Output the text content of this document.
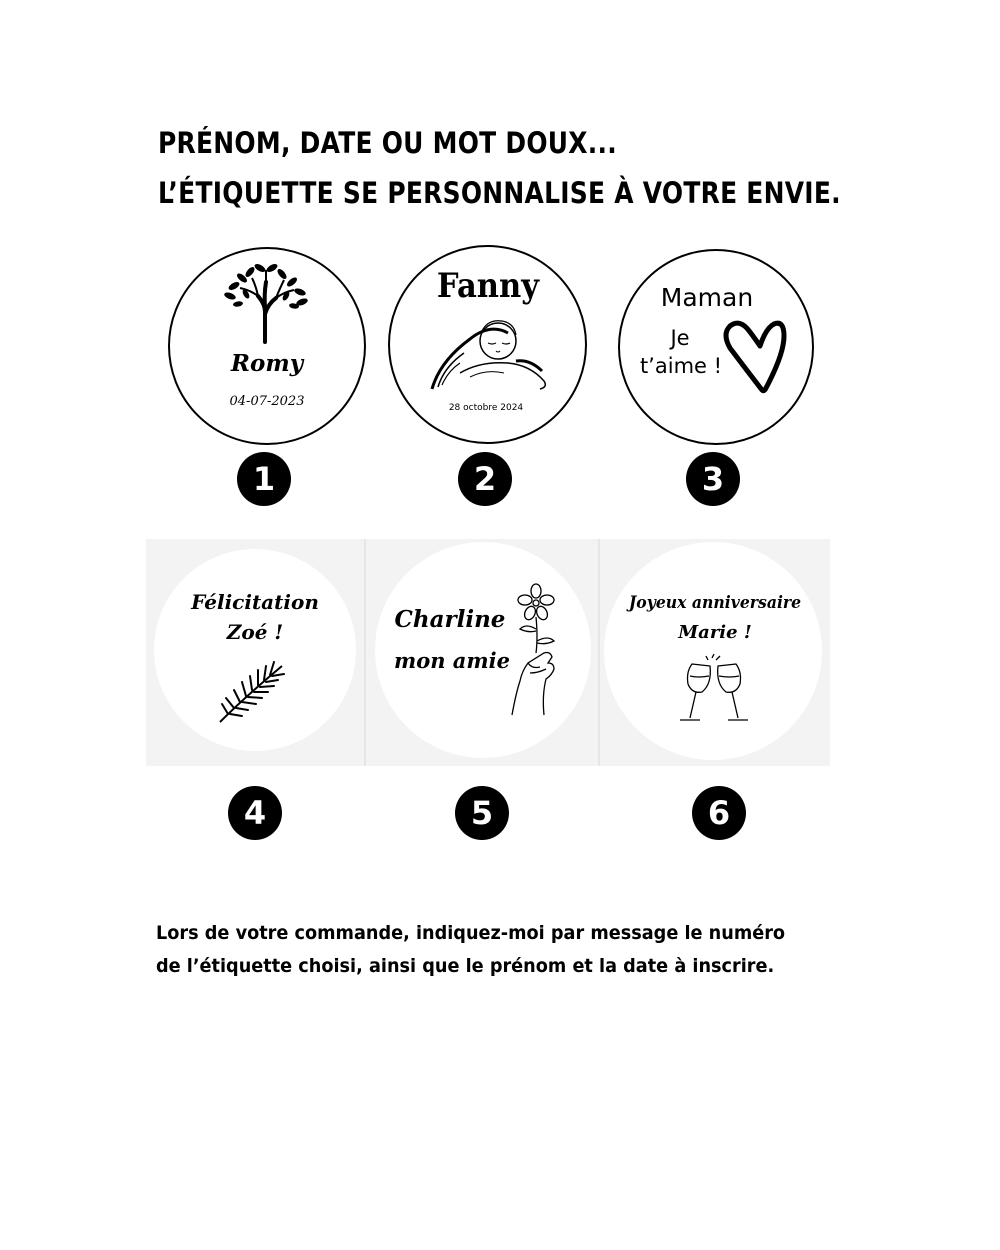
PRÉNOM, DATE OU MOT DOUX...
L’ÉTIQUETTE SE PERSONNALISE À VOTRE ENVIE.
Romy
04-07-2023
Fanny
28 octobre 2024
Maman
Je
t’aime !
1	2	3
Félicitation
Zoé !	Charline
mon amie
Joyeux anniversaire
Marie !
4	5	6
Lors de votre commande, indiquez-moi par message le numéro
de l’étiquette choisi, ainsi que le prénom et la date à inscrire.
